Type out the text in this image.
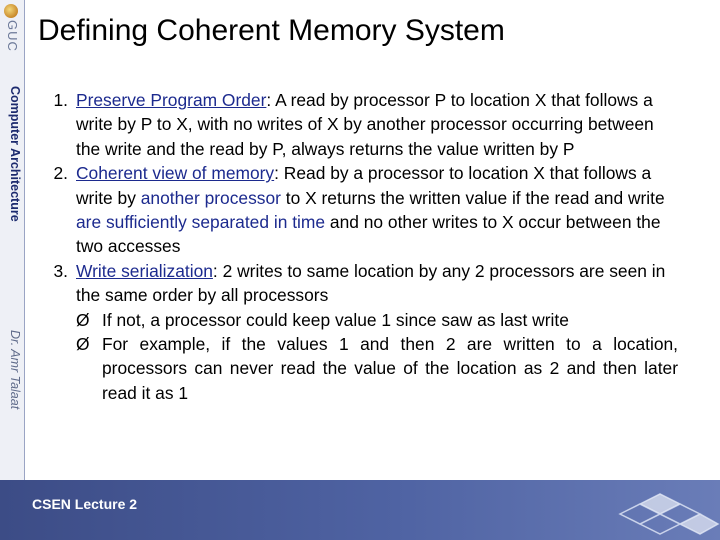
GUC
Computer Architecture
Dr. Amr Talaat
Defining Coherent Memory System
1. Preserve Program Order: A read by processor P to location X that follows a write by P to X, with no writes of X by another processor occurring between the write and the read by P, always returns the value written by P
2. Coherent view of memory: Read by a processor to location X that follows a write by another processor to X returns the written value if the read and write are sufficiently separated in time and no other writes to X occur between the two accesses
3. Write serialization: 2 writes to same location by any 2 processors are seen in the same order by all processors
Ø If not, a processor could keep value 1 since saw as last write
Ø For example, if the values 1 and then 2 are written to a location, processors can never read the value of the location as 2 and then later read it as 1
CSEN Lecture 2
